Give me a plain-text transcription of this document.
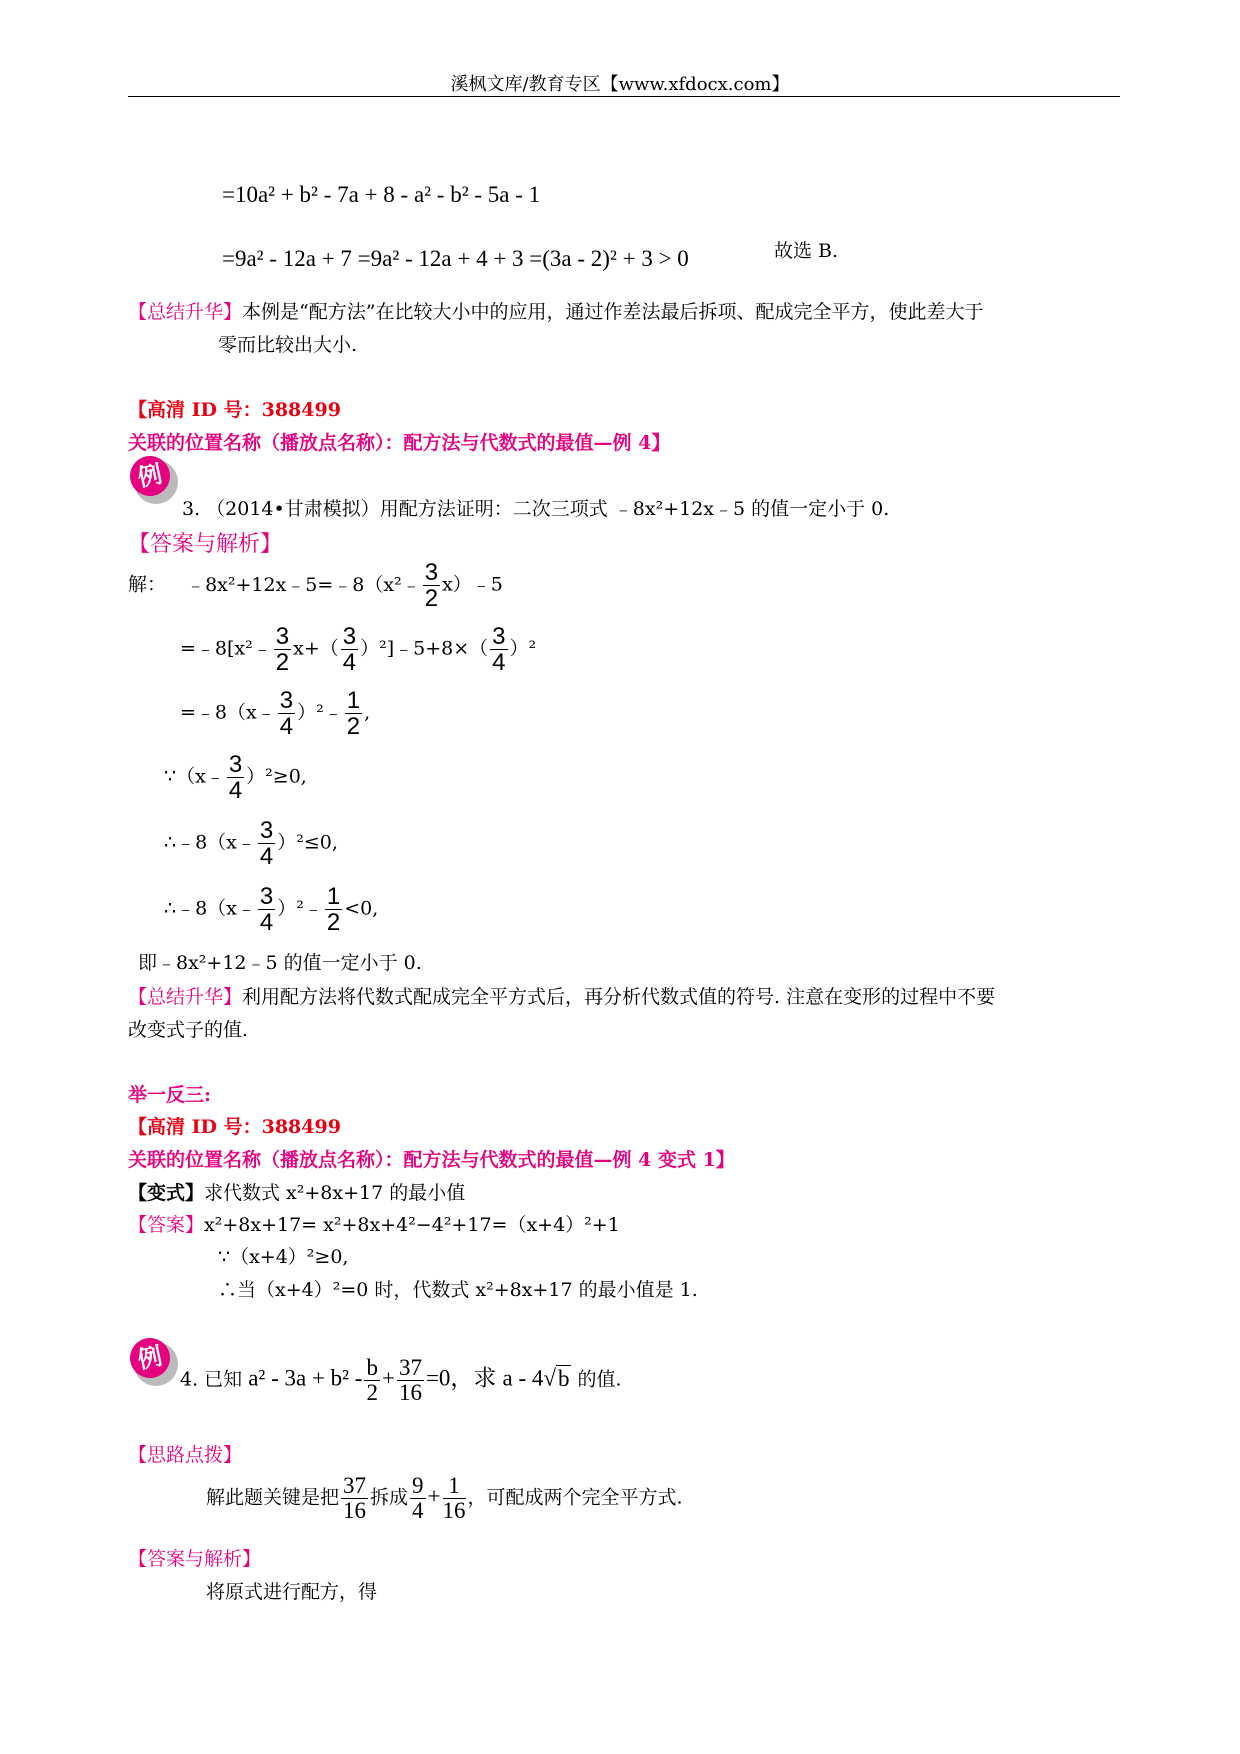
溪枫文库/教育专区【www.xfdocx.com】
=10a² + b² - 7a + 8 - a² - b² - 5a - 1
=9a² - 12a + 7 =9a² - 12a + 4 + 3 =(3a - 2)² + 3 > 0	故选 B.
【总结升华】本例是“配方法”在比较大小中的应用，通过作差法最后拆项、配成完全平方，使此差大于
零而比较出大小.
【高清 ID 号：388499
关联的位置名称（播放点名称）：配方法与代数式的最值—例 4】
例
3. （2014•甘肃模拟）用配方法证明：二次三项式 ﹣8x²+12x﹣5 的值一定小于 0.
【答案与解析】
解： ﹣8x²+12x﹣5=﹣8（x²﹣ $\frac{3}{2}$ x）﹣5
=﹣8[x²﹣ $\frac{3}{2} x+( \frac{3}{4}$ ）²]﹣5+8×（ $\frac{3}{4} )^2$
=﹣8（x﹣ $\frac{3}{4}$ ）²﹣ $\frac{1}{2}$ ,
∵（x﹣ $\frac{3}{4} )^2\ge 0$,
∴﹣8（x﹣ $\frac{3}{4} )^2\le 0$,
∴﹣8（x﹣ $\frac{3}{4}$ ）²﹣ $\frac{1}{2} <0$,
即﹣8x²+12﹣5 的值一定小于 0.
【总结升华】利用配方法将代数式配成完全平方式后，再分析代数式值的符号. 注意在变形的过程中不要
改变式子的值.
举一反三:
【高清 ID 号：388499
关联的位置名称（播放点名称）：配方法与代数式的最值—例 4 变式 1】
【变式】求代数式 x²+8x+17 的最小值
【答案】x²+8x+17= x²+8x+4²−4²+17=（x+4）²+1
∵（x+4）²≥0,
∴当（x+4）²=0 时，代数式 x²+8x+17 的最小值是 1.
例
4. 已知 $a^2 - 3a + b^2 - \frac{b}{2} + \frac{37}{16} =0$，求 a - 4√b 的值.
【思路点拨】
解此题关键是把 $\frac{37}{16}$ 拆成 $\frac{9}{4} + \frac{1}{16}$ ，可配成两个完全平方式.
【答案与解析】
将原式进行配方，得
